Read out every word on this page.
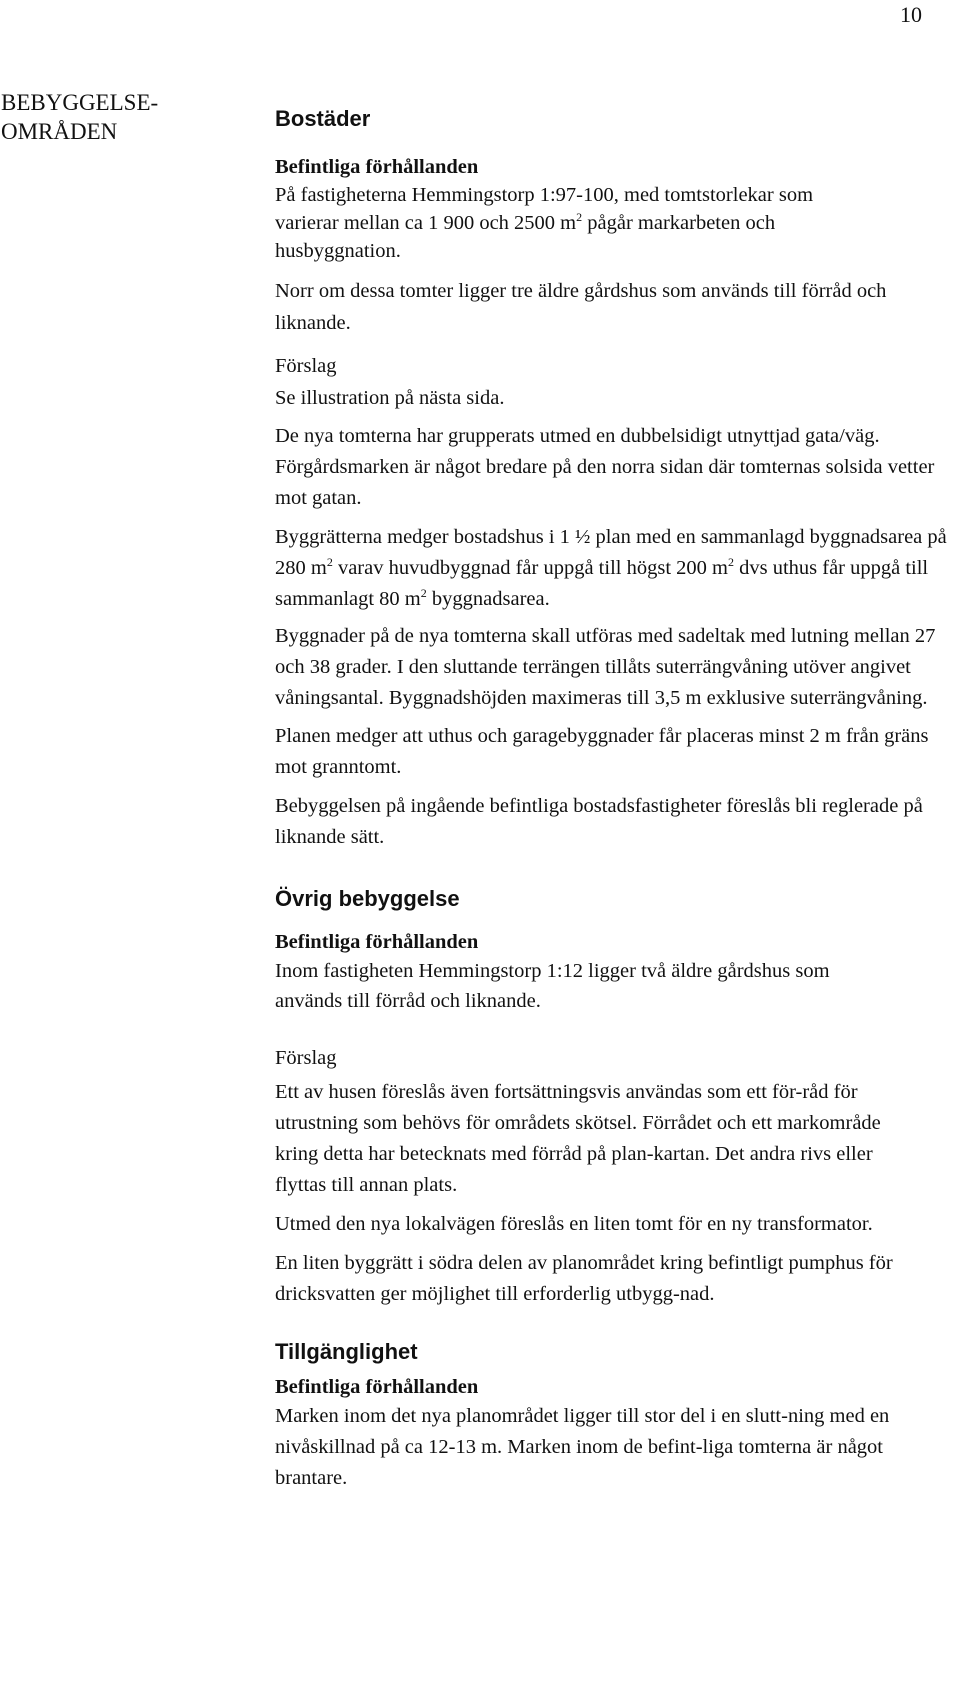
10
BEBYGGELSE-
OMRÅDEN
Bostäder
Befintliga förhållanden

På fastigheterna Hemmingstorp 1:97-100, med tomtstorlekar som varierar mellan ca 1 900 och 2500 $m^2$ pågår markarbeten och husbyggnation.

Norr om dessa tomter ligger tre äldre gårdshus som används till förråd och liknande.

Förslag

Se illustration på nästa sida.

De nya tomterna har grupperats utmed en dubbelsidigt utnyttjad gata/väg. Förgårdsmarken är något bredare på den norra sidan där tomternas solsida vetter mot gatan.

Byggrätterna medger bostadshus i 1 ½ plan med en sammanlagd byggnadsarea på 280 $m^2$ varav huvudbyggnad får uppgå till högst 200 $m^2$ dvs uthus får uppgå till sammanlagt 80 $m^2$ byggnadsarea.

Byggnader på de nya tomterna skall utföras med sadeltak med lutning mellan 27 och 38 grader. I den sluttande terrängen tillåts suterrängvåning utöver angivet våningsantal. Byggnadshöjden maximeras till 3,5 m exklusive suterrängvåning.

Planen medger att uthus och garagebyggnader får placeras minst 2 m från gräns mot granntomt.

Bebyggelsen på ingående befintliga bostadsfastigheter föreslås bli reglerade på liknande sätt.

Övrig bebyggelse
Befintliga förhållanden

Inom fastigheten Hemmingstorp 1:12 ligger två äldre gårdshus som används till förråd och liknande.

Förslag

Ett av husen föreslås även fortsättningsvis användas som ett för-råd för utrustning som behövs för områdets skötsel. Förrådet och ett markområde kring detta har betecknats med förråd på plan-kartan. Det andra rivs eller flyttas till annan plats.

Utmed den nya lokalvägen föreslås en liten tomt för en ny transformator.

En liten byggrätt i södra delen av planområdet kring befintligt pumphus för dricksvatten ger möjlighet till erforderlig utbygg-nad.

Tillgänglighet
Befintliga förhållanden

Marken inom det nya planområdet ligger till stor del i en slutt-ning med en nivåskillnad på ca 12-13 m. Marken inom de befint-liga tomterna är något brantare.
